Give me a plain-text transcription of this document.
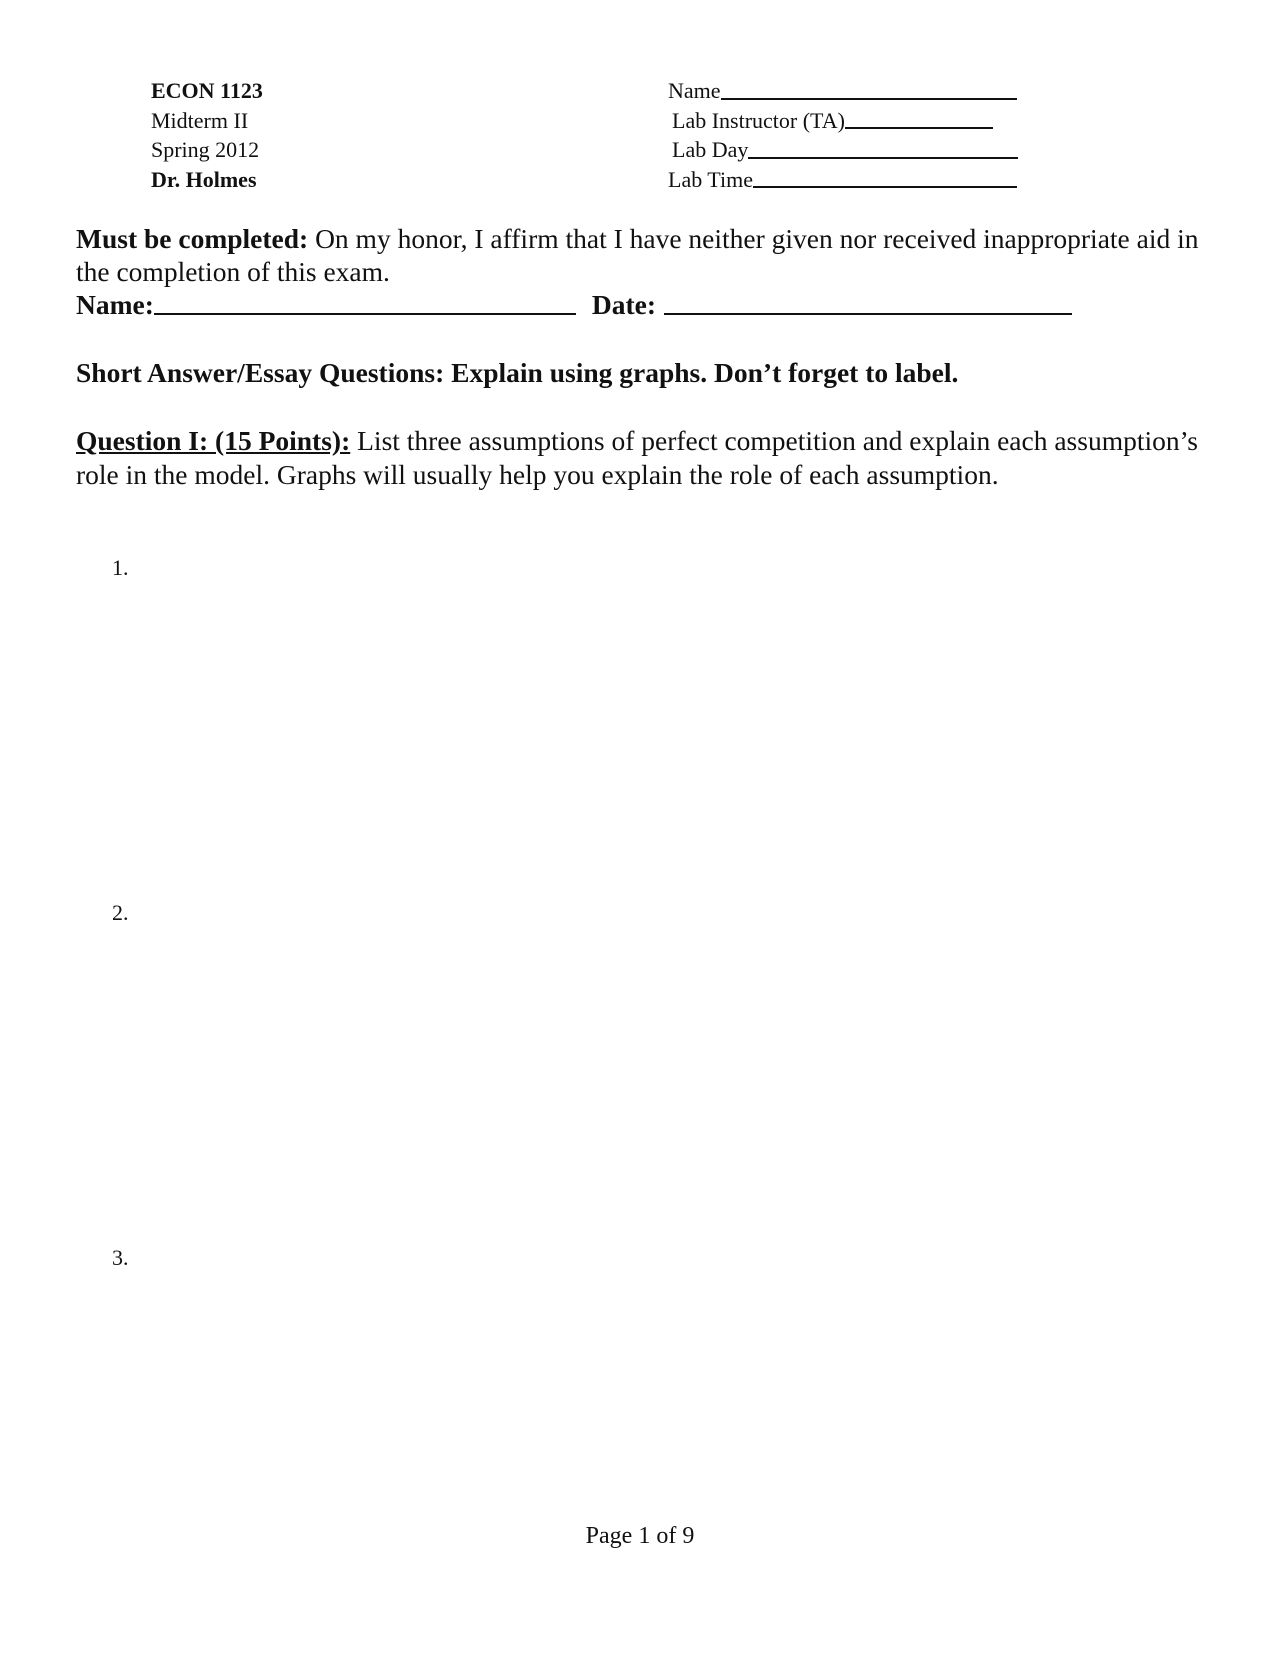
ECON 1123
Midterm II
Spring 2012
Dr. Holmes
Name
Lab Instructor (TA)
Lab Day
Lab Time
Must be completed: On my honor, I affirm that I have neither given nor received inappropriate aid in the completion of this exam.
Name:	Date:
Short Answer/Essay Questions: Explain using graphs. Don’t forget to label.
Question I: (15 Points): List three assumptions of perfect competition and explain each assumption’s role in the model. Graphs will usually help you explain the role of each assumption.
1.
2.
3.
Page 1 of 9
